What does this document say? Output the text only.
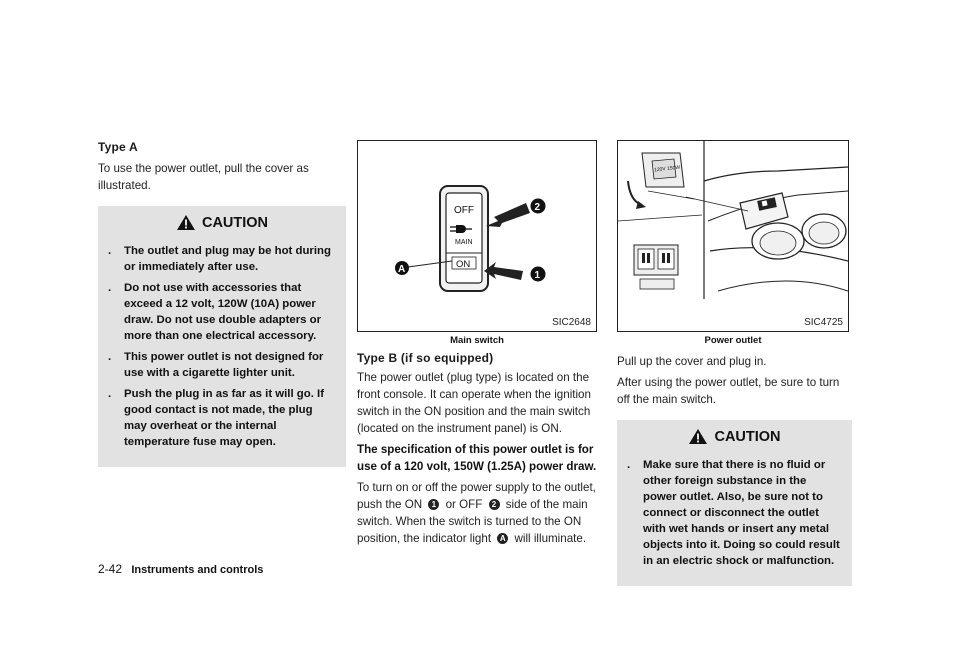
Type A

To use the power outlet, pull the cover as illustrated.

CAUTION
.	The outlet and plug may be hot during or immediately after use.
.	Do not use with accessories that exceed a 12 volt, 120W (10A) power draw. Do not use double adapters or more than one electrical accessory.
.	This power outlet is not designed for use with a cigarette lighter unit.
.	Push the plug in as far as it will go. If good contact is not made, the plug may overheat or the internal temperature fuse may open.
OFF
MAIN
ON
A
2
1
SIC2648
Main switch
Type B (if so equipped)

The power outlet (plug type) is located on the front console. It can operate when the ignition switch in the ON position and the main switch (located on the instrument panel) is ON.

The specification of this power outlet is for use of a 120 volt, 150W (1.25A) power draw.

To turn on or off the power supply to the outlet, push the ON 1 or OFF 2 side of the main switch. When the switch is turned to the ON position, the indicator light A will illuminate.

120V 150W
SIC4725
Power outlet

Pull up the cover and plug in.

After using the power outlet, be sure to turn off the main switch.

CAUTION
.	Make sure that there is no fluid or other foreign substance in the power outlet. Also, be sure not to connect or disconnect the outlet with wet hands or insert any metal objects into it. Doing so could result in an electric shock or malfunction.
2-42 Instruments and controls
